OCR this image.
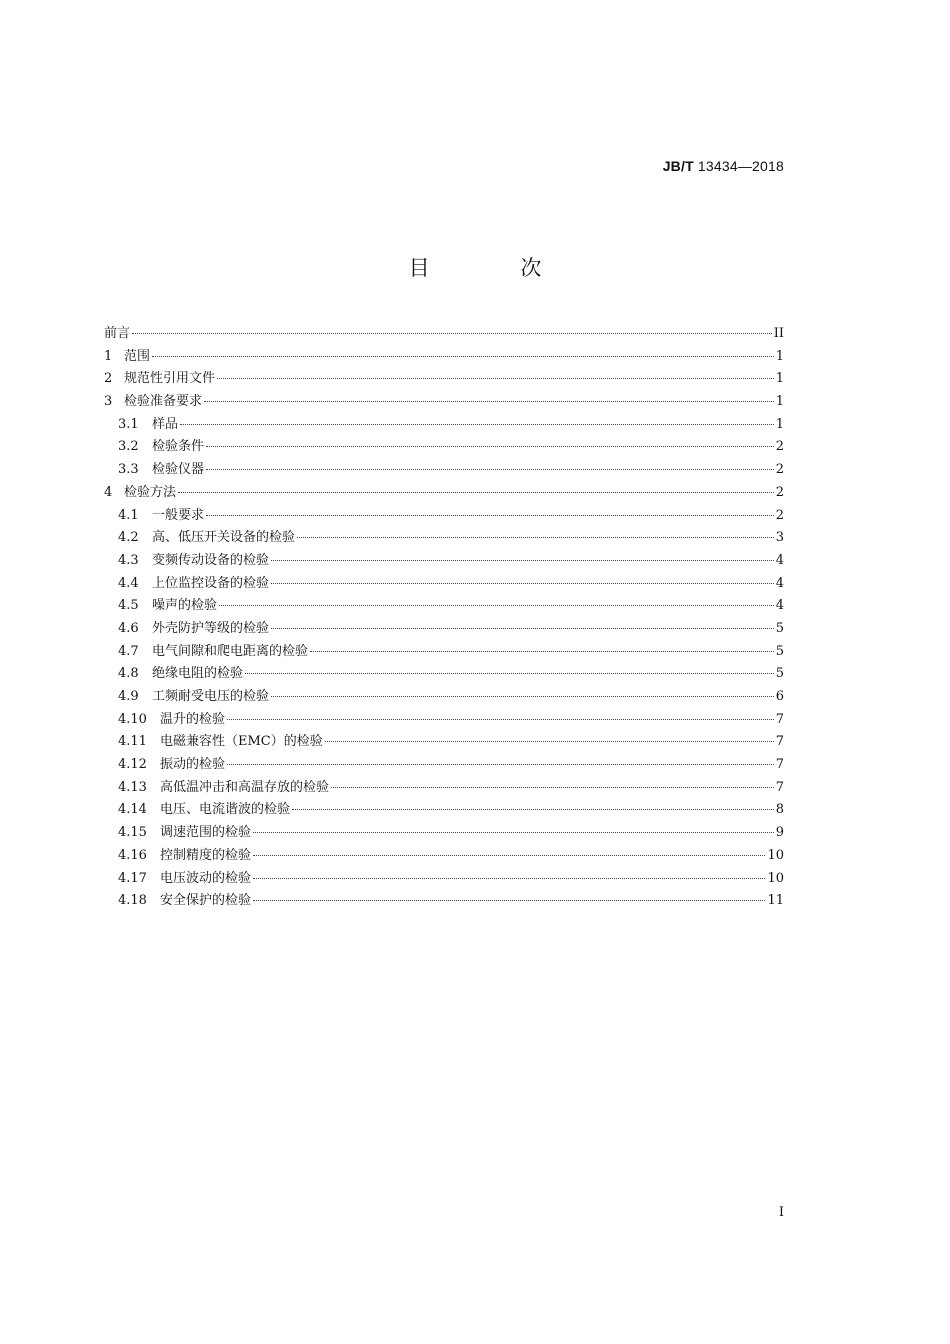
JB/T 13434—2018
目 次
前言	II
1 范围	1
2 规范性引用文件	1
3 检验准备要求	1
3.1	样品	1
3.2	检验条件	2
3.3	检验仪器	2
4 检验方法	2
4.1	一般要求	2
4.2	高、低压开关设备的检验	3
4.3	变频传动设备的检验	4
4.4	上位监控设备的检验	4
4.5	噪声的检验	4
4.6	外壳防护等级的检验	5
4.7	电气间隙和爬电距离的检验	5
4.8	绝缘电阻的检验	5
4.9	工频耐受电压的检验	6
4.10	温升的检验	7
4.11	电磁兼容性（EMC）的检验	7
4.12	振动的检验	7
4.13	高低温冲击和高温存放的检验	7
4.14	电压、电流谐波的检验	8
4.15	调速范围的检验	9
4.16	控制精度的检验	10
4.17	电压波动的检验	10
4.18	安全保护的检验	11
I
